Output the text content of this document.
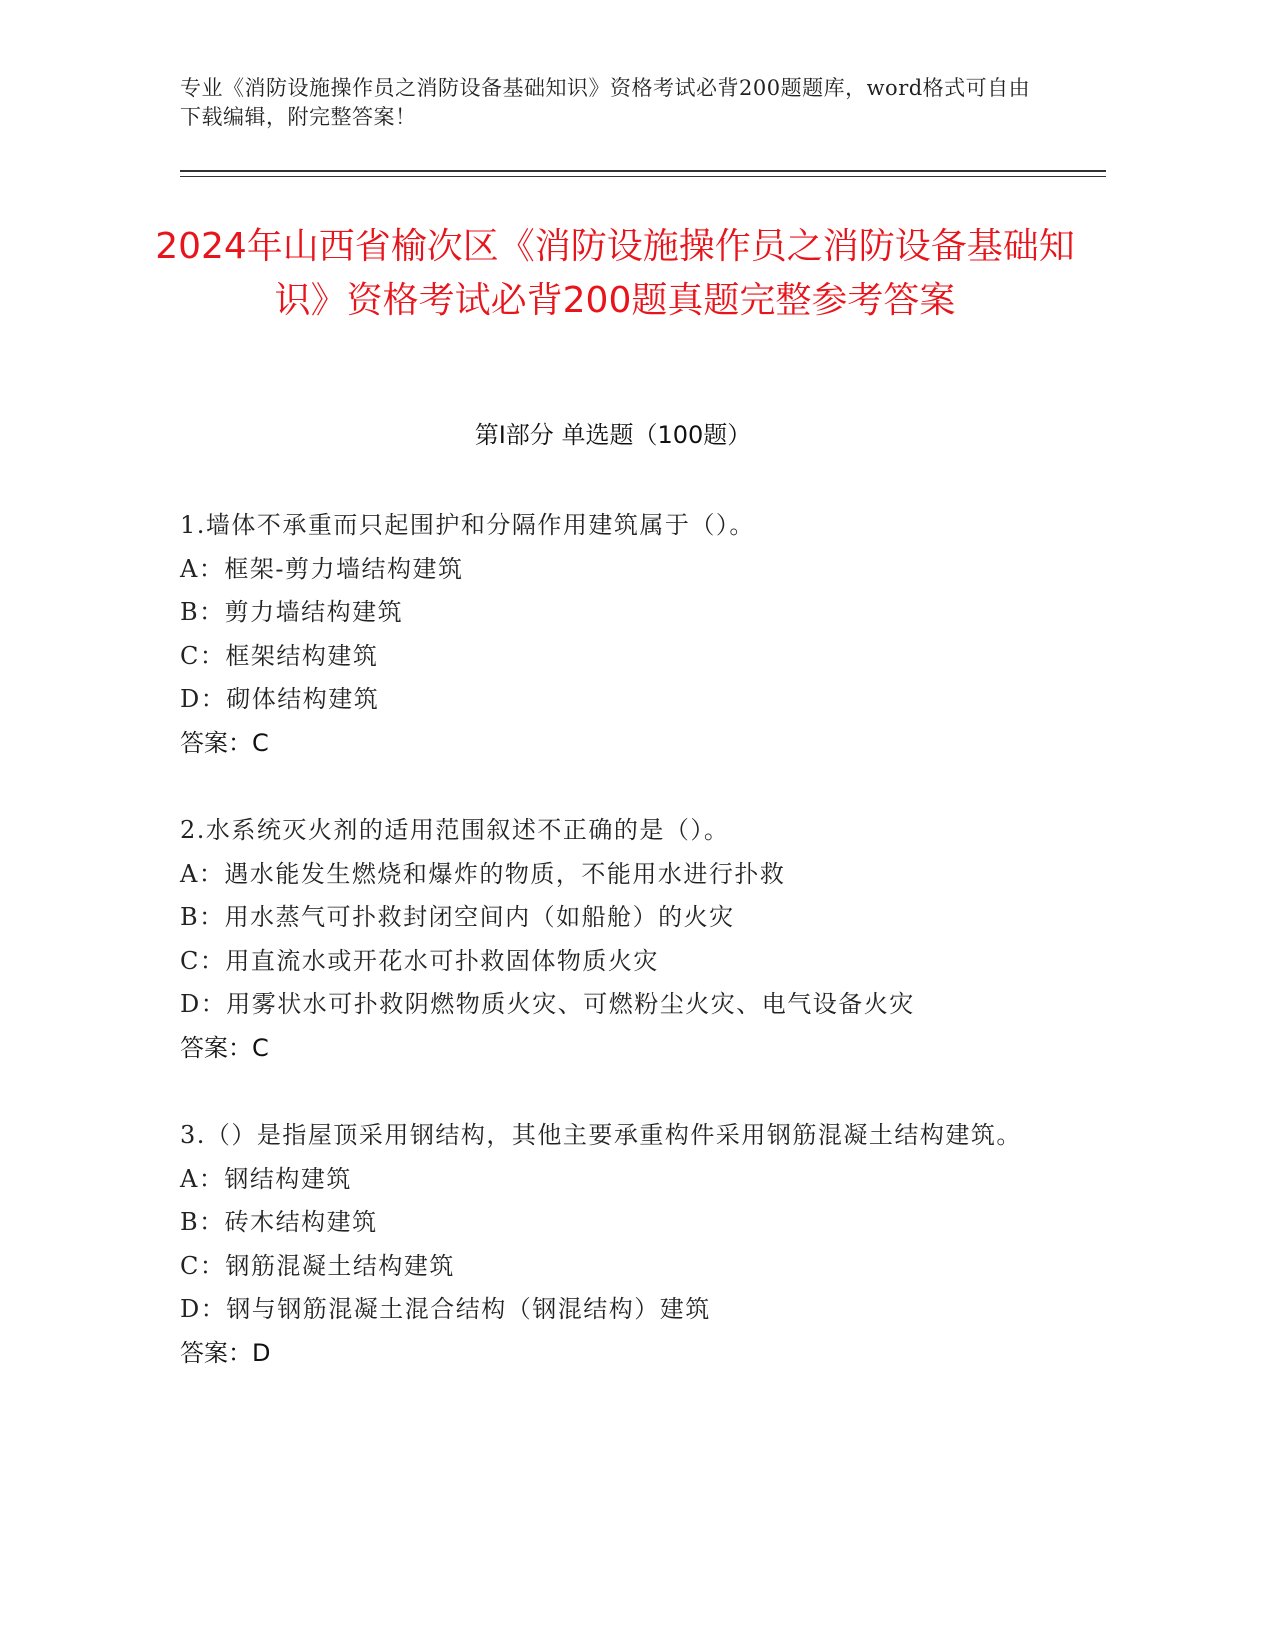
专业《消防设施操作员之消防设备基础知识》资格考试必背200题题库，word格式可自由下载编辑，附完整答案！
2024年山西省榆次区《消防设施操作员之消防设备基础知识》资格考试必背200题真题完整参考答案
第Ⅰ部分 单选题（100题）

1.墙体不承重而只起围护和分隔作用建筑属于（）。

A：框架-剪力墙结构建筑

B：剪力墙结构建筑

C：框架结构建筑

D：砌体结构建筑

答案：C

2.水系统灭火剂的适用范围叙述不正确的是（）。

A：遇水能发生燃烧和爆炸的物质，不能用水进行扑救

B：用水蒸气可扑救封闭空间内（如船舱）的火灾

C：用直流水或开花水可扑救固体物质火灾

D：用雾状水可扑救阴燃物质火灾、可燃粉尘火灾、电气设备火灾

答案：C

3.（）是指屋顶采用钢结构，其他主要承重构件采用钢筋混凝土结构建筑。

A：钢结构建筑

B：砖木结构建筑

C：钢筋混凝土结构建筑

D：钢与钢筋混凝土混合结构（钢混结构）建筑

答案：D
